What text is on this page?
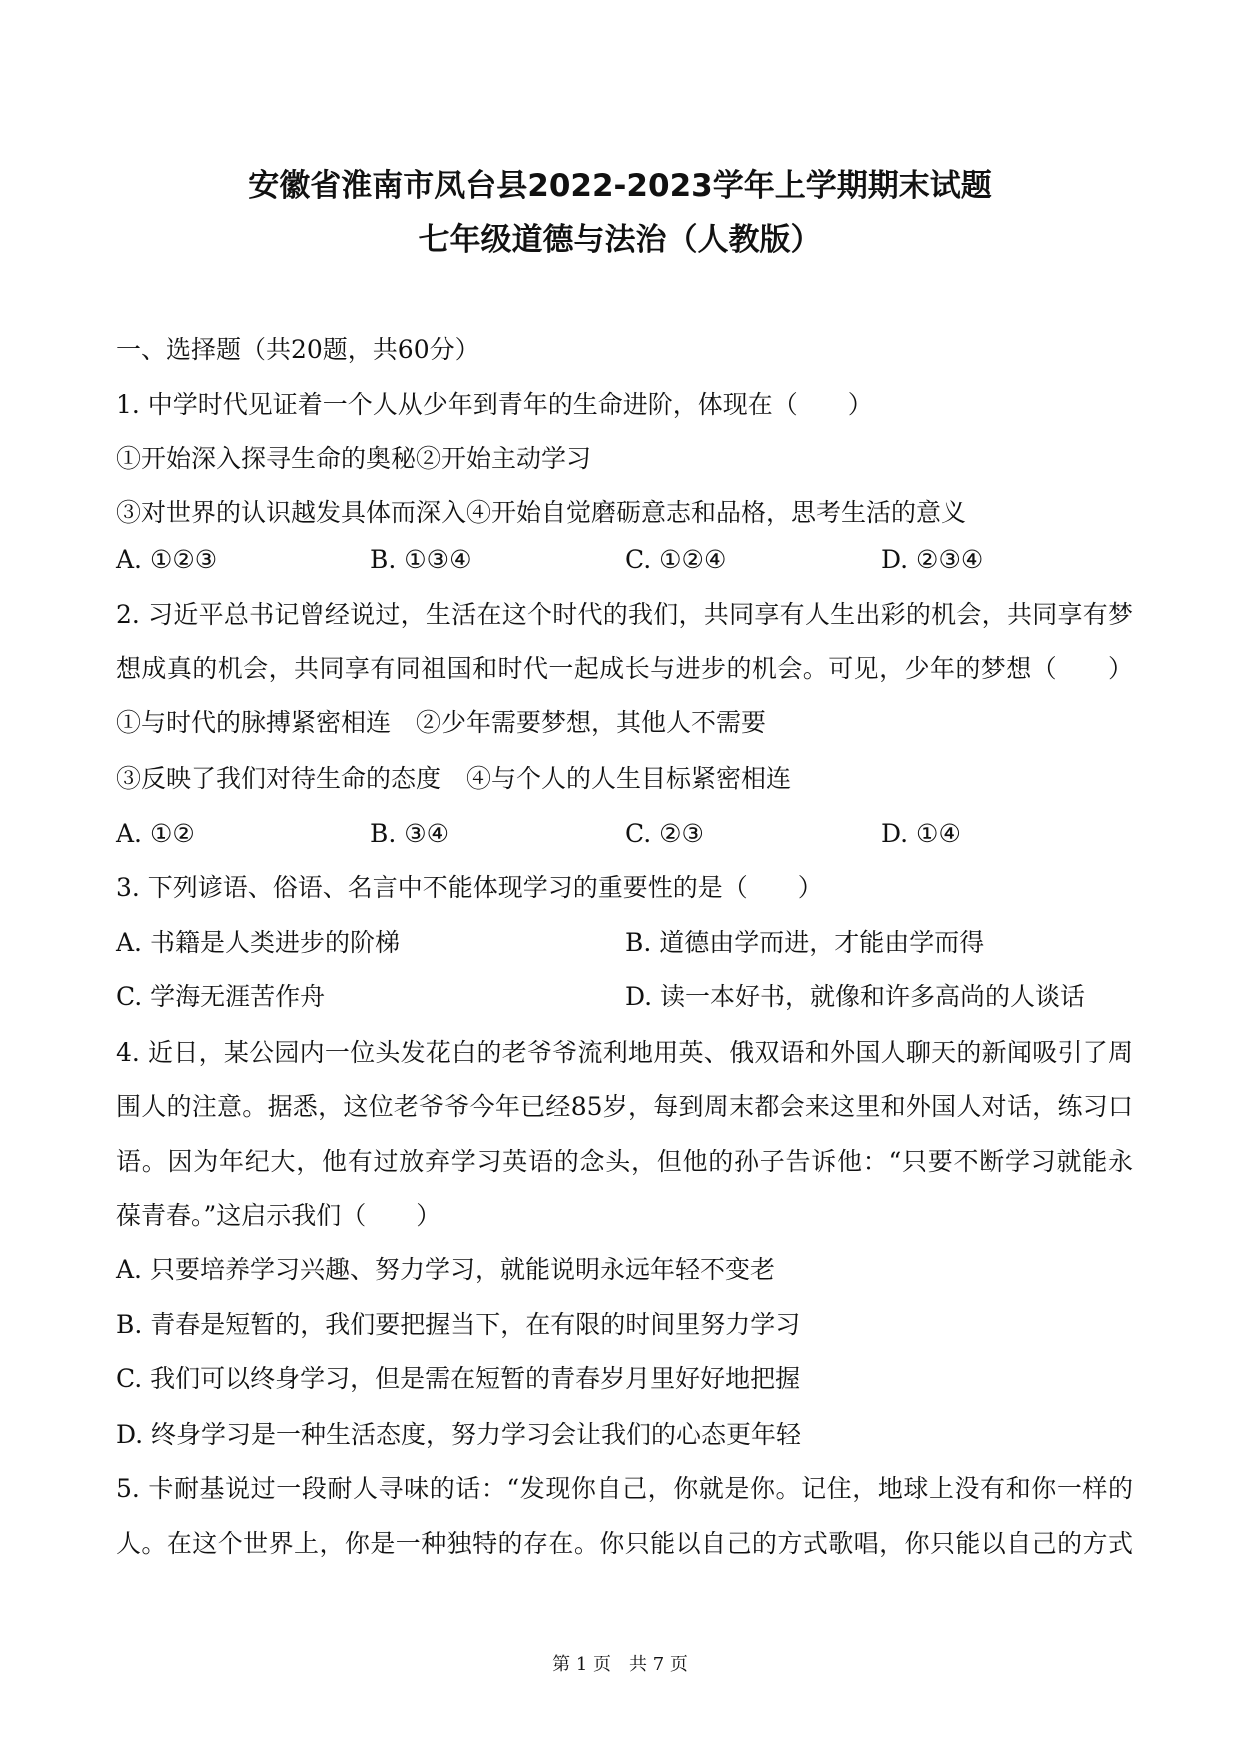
安徽省淮南市凤台县2022-2023学年上学期期末试题
七年级道德与法治（人教版）
一、选择题（共20题，共60分）
1. 中学时代见证着一个人从少年到青年的生命进阶，体现在（　　）
①开始深入探寻生命的奥秘②开始主动学习
③对世界的认识越发具体而深入④开始自觉磨砺意志和品格，思考生活的意义
A. ①②③	B. ①③④	C. ①②④	D. ②③④
2. 习近平总书记曾经说过，生活在这个时代的我们，共同享有人生出彩的机会，共同享有梦
想成真的机会，共同享有同祖国和时代一起成长与进步的机会。可见，少年的梦想（　　）
①与时代的脉搏紧密相连　②少年需要梦想，其他人不需要
③反映了我们对待生命的态度　④与个人的人生目标紧密相连
A. ①②	B. ③④	C. ②③	D. ①④
3. 下列谚语、俗语、名言中不能体现学习的重要性的是（　　）
A. 书籍是人类进步的阶梯	B. 道德由学而进，才能由学而得
C. 学海无涯苦作舟	D. 读一本好书，就像和许多高尚的人谈话
4. 近日，某公园内一位头发花白的老爷爷流利地用英、俄双语和外国人聊天的新闻吸引了周
围人的注意。据悉，这位老爷爷今年已经85岁，每到周末都会来这里和外国人对话，练习口
语。因为年纪大，他有过放弃学习英语的念头，但他的孙子告诉他：“只要不断学习就能永
葆青春。”这启示我们（　　）
A. 只要培养学习兴趣、努力学习，就能说明永远年轻不变老
B. 青春是短暂的，我们要把握当下，在有限的时间里努力学习
C. 我们可以终身学习，但是需在短暂的青春岁月里好好地把握
D. 终身学习是一种生活态度，努力学习会让我们的心态更年轻
5. 卡耐基说过一段耐人寻味的话：“发现你自己，你就是你。记住，地球上没有和你一样的
人。在这个世界上，你是一种独特的存在。你只能以自己的方式歌唱，你只能以自己的方式
第 1 页　共 7 页
